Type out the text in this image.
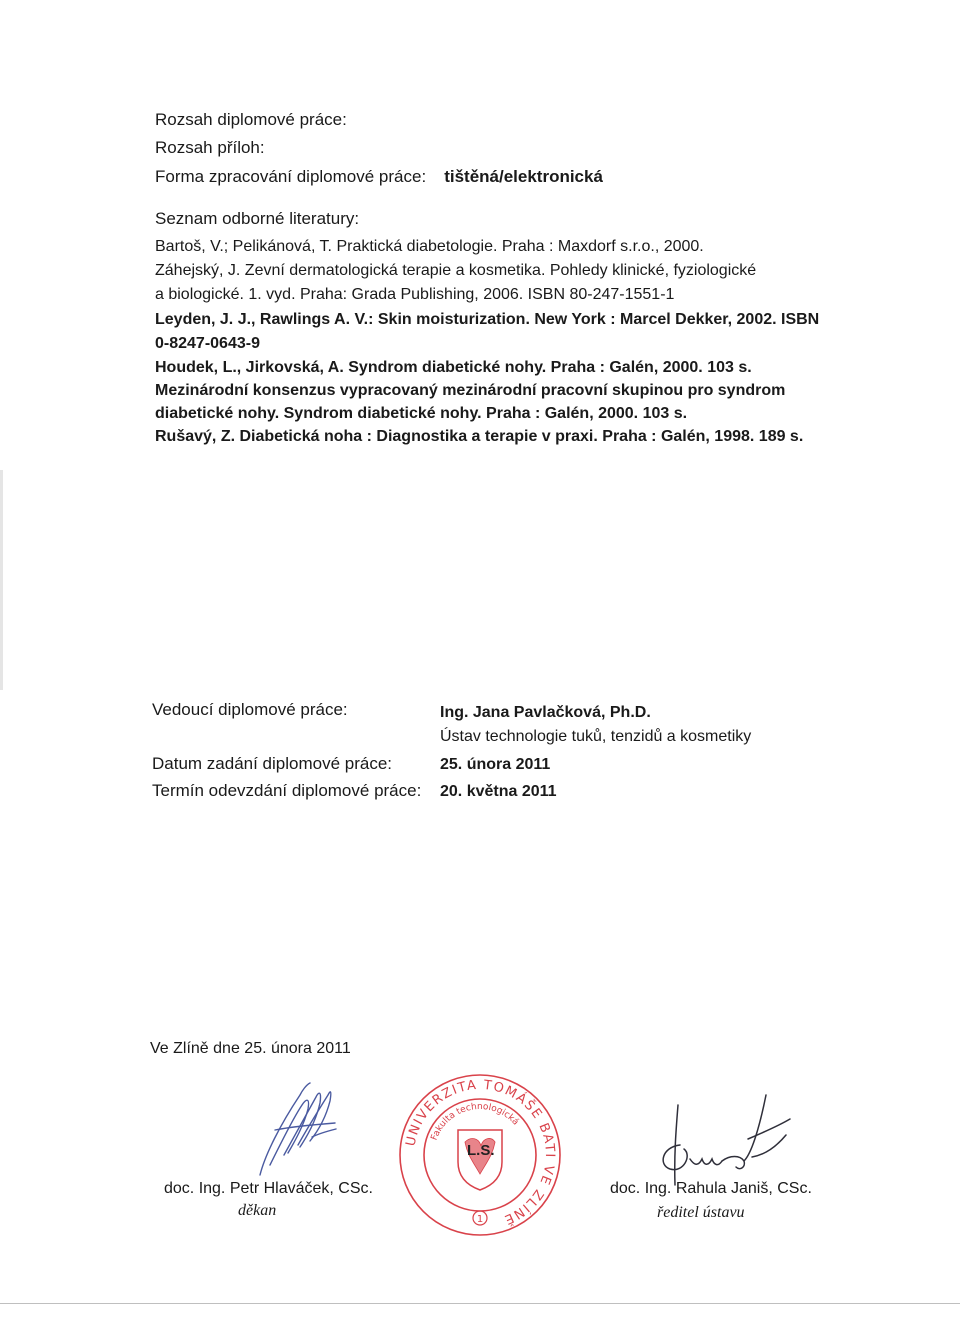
Rozsah diplomové práce:
Rozsah příloh:
Forma zpracování diplomové práce: tištěná/elektronická
Seznam odborné literatury:
Bartoš, V.; Pelikánová, T. Praktická diabetologie. Praha : Maxdorf s.r.o., 2000.
Záhejský, J. Zevní dermatologická terapie a kosmetika. Pohledy klinické, fyziologické
a biologické. 1. vyd. Praha: Grada Publishing, 2006. ISBN 80-247-1551-1
Leyden, J. J., Rawlings A. V.: Skin moisturization. New York : Marcel Dekker, 2002. ISBN
0-8247-0643-9
Houdek, L., Jirkovská, A. Syndrom diabetické nohy. Praha : Galén, 2000. 103 s.
Mezinárodní konsenzus vypracovaný mezinárodní pracovní skupinou pro syndrom
diabetické nohy. Syndrom diabetické nohy. Praha : Galén, 2000. 103 s.
Rušavý, Z. Diabetická noha : Diagnostika a terapie v praxi. Praha : Galén, 1998. 189 s.
Vedoucí diplomové práce:	Ing. Jana Pavlačková, Ph.D.
Ústav technologie tuků, tenzidů a kosmetiky
Datum zadání diplomové práce:	25. února 2011
Termín odevzdání diplomové práce: 20. května 2011
Ve Zlíně dne 25. února 2011
doc. Ing. Petr Hlaváček, CSc.
děkan
UNIVERZITA TOMÁŠE BATI VE ZLÍNĚ
Fakulta technologická
1
L.S.
doc. Ing. Rahula Janiš, CSc.
ředitel ústavu
